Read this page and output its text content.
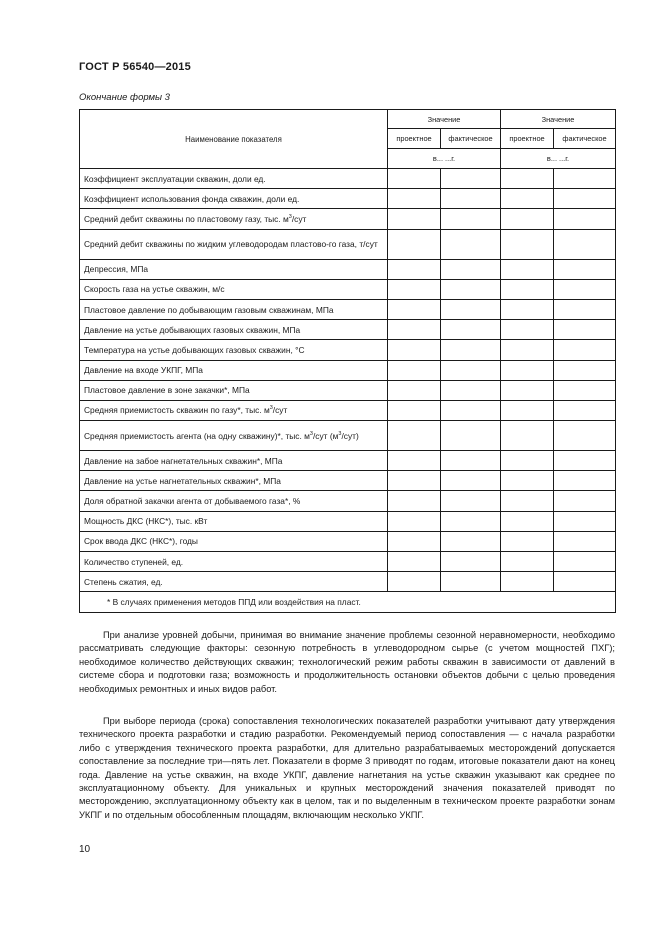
ГОСТ Р 56540—2015
Окончание формы 3
Наименование показателя	Значение		Значение	
	проектное	фактическое	проектное	фактическое
	в... ...г.		в... ...г.	
Коэффициент эксплуатации скважин, доли ед.				
Коэффициент использования фонда скважин, доли ед.				
Средний дебит скважины по пластовому газу, тыс. $м^3$/сут				
Средний дебит скважины по жидким углеводородам пластово-го газа, т/сут				
Депрессия, МПа				
Скорость газа на устье скважин, м/с				
Пластовое давление по добывающим газовым скважинам, МПа				
Давление на устье добывающих газовых скважин, МПа				
Температура на устье добывающих газовых скважин, °С				
Давление на входе УКПГ, МПа				
Пластовое давление в зоне закачки*, МПа				
Средняя приемистость скважин по газу*, тыс. $м^3$/сут				
Средняя приемистость агента (на одну скважину)*, тыс. $м^3$/сут $(м^3/сут)$				
Давление на забое нагнетательных скважин*, МПа				
Давление на устье нагнетательных скважин*, МПа				
Доля обратной закачки агента от добываемого газа*, %				
Мощность ДКС (НКС*), тыс. кВт				
Срок ввода ДКС (НКС*), годы				
Количество ступеней, ед.				
Степень сжатия, ед.				
* В случаях применения методов ППД или воздействия на пласт.				

При анализе уровней добычи, принимая во внимание значение проблемы сезонной неравномерности, необходимо рассматривать следующие факторы: сезонную потребность в углеводородном сырье (с учетом мощностей ПХГ); необходимое количество действующих скважин; технологический режим работы скважин в зависимости от давлений в системе сбора и подготовки газа; возможность и продолжительность остановки объектов добычи с целью проведения необходимых ремонтных и иных видов работ.

При выборе периода (срока) сопоставления технологических показателей разработки учитывают дату утверждения технического проекта разработки и стадию разработки. Рекомендуемый период сопоставления — с начала разработки либо с утверждения технического проекта разработки, для длительно разрабатываемых месторождений допускается сопоставление за последние три—пять лет. Показатели в форме 3 приводят по годам, итоговые показатели дают на конец года. Давление на устье скважин, на входе УКПГ, давление нагнетания на устье скважин указывают как среднее по эксплуатационному объекту. Для уникальных и крупных месторождений значения показателей приводят по месторождению, эксплуатационному объекту как в целом, так и по выделенным в техническом проекте разработки зонам УКПГ и по отдельным обособленным площадям, включающим несколько УКПГ.

10
